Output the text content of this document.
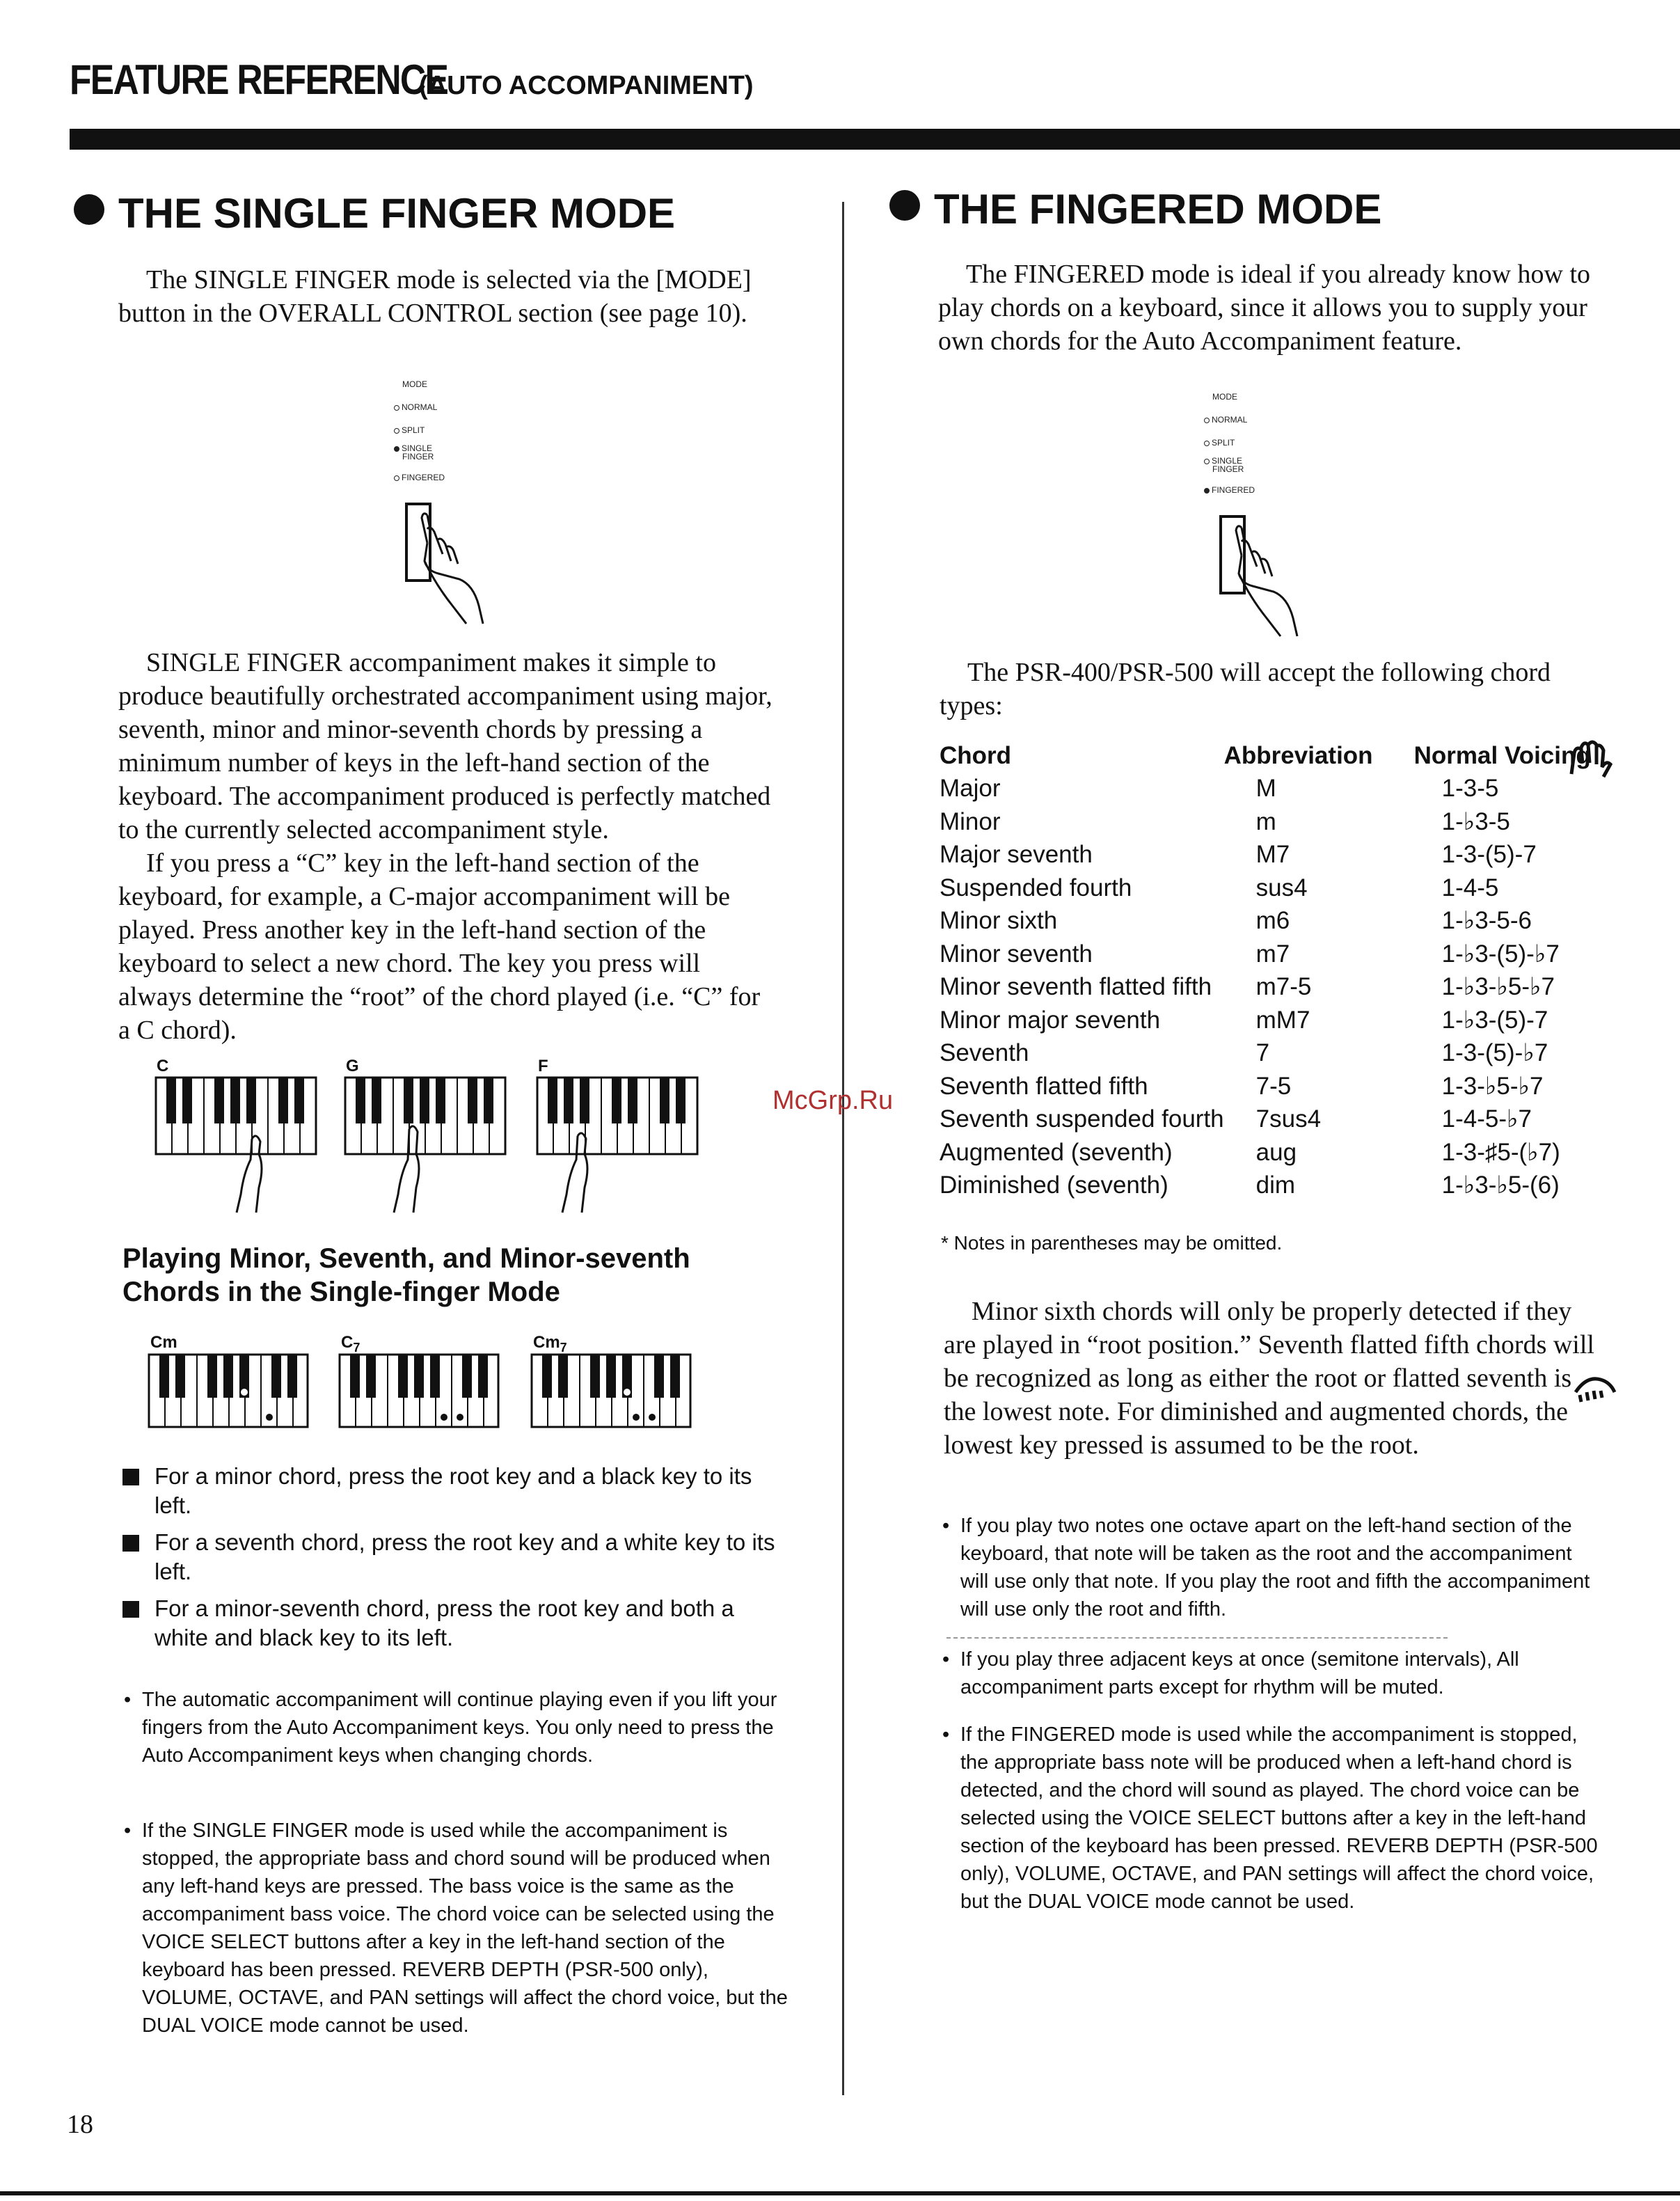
FEATURE REFERENCE
(AUTO ACCOMPANIMENT)
THE SINGLE FINGER MODE

The SINGLE FINGER mode is selected via the [MODE] button in the OVERALL CONTROL section (see page 10).

MODE
NORMAL
SPLIT
SINGLE
FINGER
FINGERED

SINGLE FINGER accompaniment makes it simple to produce beautifully orchestrated accompaniment using major, seventh, minor and minor-seventh chords by pressing a minimum number of keys in the left-hand section of the keyboard. The accompaniment produced is perfectly matched to the currently selected accompaniment style.

If you press a “C” key in the left-hand section of the keyboard, for example, a C-major accompaniment will be played. Press another key in the left-hand section of the keyboard to select a new chord. The key you press will always determine the “root” of the chord played (i.e. “C” for a C chord).

C	G	F
Playing Minor, Seventh, and Minor-seventh Chords in the Single-finger Mode
Cm	$C_7$	$Cm_7$
For a minor chord, press the root key and a black key to its left.
For a seventh chord, press the root key and a white key to its left.
For a minor-seventh chord, press the root key and both a white and black key to its left.
• The automatic accompaniment will continue playing even if you lift your fingers from the Auto Accompaniment keys. You only need to press the Auto Accompaniment keys when changing chords.
• If the SINGLE FINGER mode is used while the accompaniment is stopped, the appropriate bass and chord sound will be produced when any left-hand keys are pressed. The bass voice is the same as the accompaniment bass voice. The chord voice can be selected using the VOICE SELECT buttons after a key in the left-hand section of the keyboard has been pressed. REVERB DEPTH (PSR-500 only), VOLUME, OCTAVE, and PAN settings will affect the chord voice, but the DUAL VOICE mode cannot be used.
18
THE FINGERED MODE

The FINGERED mode is ideal if you already know how to play chords on a keyboard, since it allows you to supply your own chords for the Auto Accompaniment feature.

MODE
NORMAL
SPLIT
SINGLE
FINGER
FINGERED

The PSR-400/PSR-500 will accept the following chord types:

Chord	Abbreviation	Normal Voicing
Major	M	1-3-5
Minor	m	1-♭3-5
Major seventh	M7	1-3-(5)-7
Suspended fourth	sus4	1-4-5
Minor sixth	m6	1-♭3-5-6
Minor seventh	m7	1-♭3-(5)-♭7
Minor seventh flatted fifth	m7-5	1-♭3-♭5-♭7
Minor major seventh	mM7	1-♭3-(5)-7
Seventh	7	1-3-(5)-♭7
Seventh flatted fifth	7-5	1-3-♭5-♭7
Seventh suspended fourth	7sus4	1-4-5-♭7
Augmented (seventh)	aug	1-3-♯5-(♭7)
Diminished (seventh)	dim	1-♭3-♭5-(6)
McGrp.Ru
* Notes in parentheses may be omitted.

Minor sixth chords will only be properly detected if they are played in “root position.” Seventh flatted fifth chords will be recognized as long as either the root or flatted seventh is the lowest note. For diminished and augmented chords, the lowest key pressed is assumed to be the root.

• If you play two notes one octave apart on the left-hand section of the keyboard, that note will be taken as the root and the accompaniment will use only that note. If you play the root and fifth the accompaniment will use only the root and fifth.
• If you play three adjacent keys at once (semitone intervals), All accompaniment parts except for rhythm will be muted.
• If the FINGERED mode is used while the accompaniment is stopped, the appropriate bass note will be produced when a left-hand chord is detected, and the chord will sound as played. The chord voice can be selected using the VOICE SELECT buttons after a key in the left-hand section of the keyboard has been pressed. REVERB DEPTH (PSR-500 only), VOLUME, OCTAVE, and PAN settings will affect the chord voice, but the DUAL VOICE mode cannot be used.
